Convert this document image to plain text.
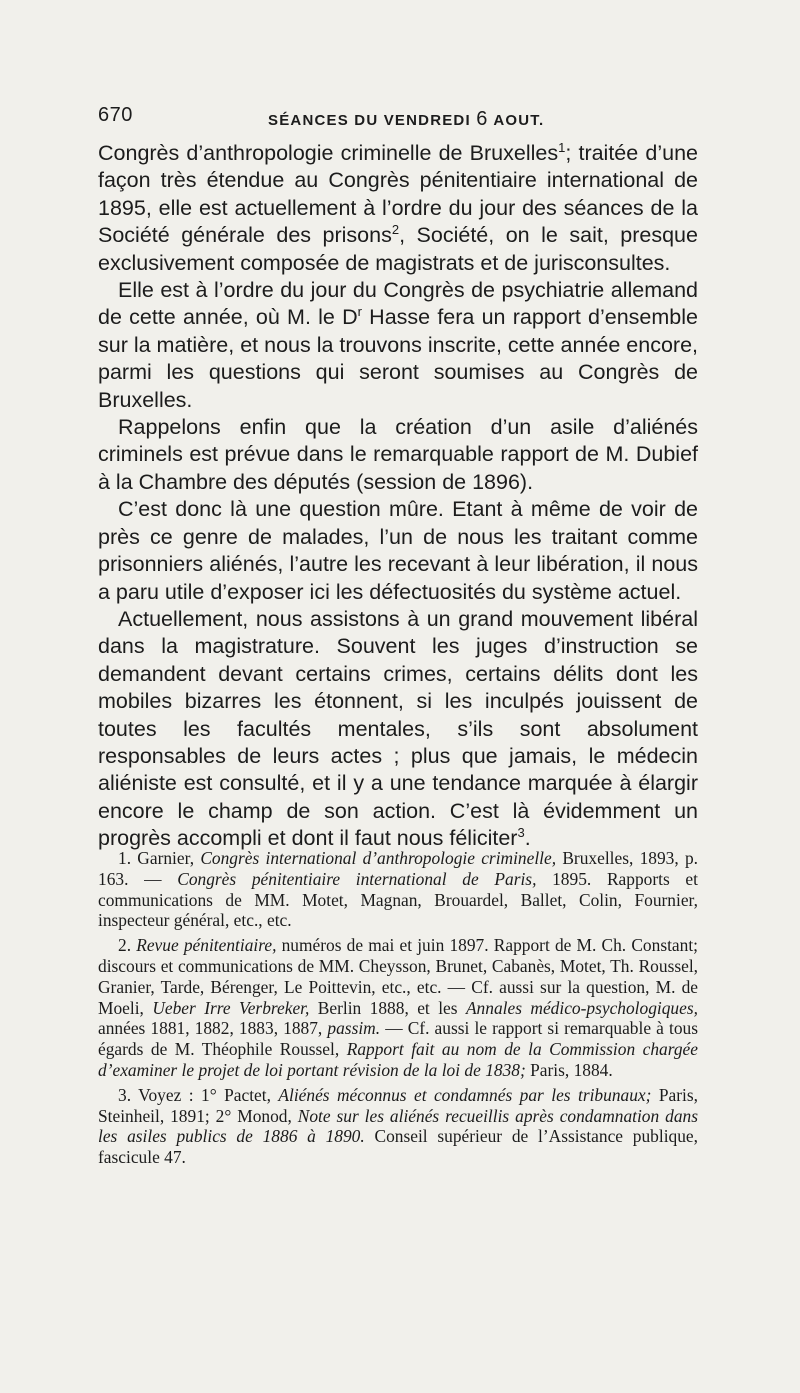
670	SÉANCES DU VENDREDI 6 AOUT.

Congrès d’anthropologie criminelle de Bruxelles$^1$; traitée d’une façon très étendue au Congrès pénitentiaire international de 1895, elle est actuellement à l’ordre du jour des séances de la Société générale des prisons$^2$, Société, on le sait, presque exclusivement composée de magistrats et de jurisconsultes.

Elle est à l’ordre du jour du Congrès de psychiatrie allemand de cette année, où M. le $D^r$ Hasse fera un rapport d’ensemble sur la matière, et nous la trouvons inscrite, cette année encore, parmi les questions qui seront soumises au Congrès de Bruxelles.

Rappelons enfin que la création d’un asile d’aliénés criminels est prévue dans le remarquable rapport de M. Dubief à la Chambre des députés (session de 1896).

C’est donc là une question mûre. Etant à même de voir de près ce genre de malades, l’un de nous les traitant comme prisonniers aliénés, l’autre les recevant à leur libération, il nous a paru utile d’exposer ici les défectuosités du système actuel.

Actuellement, nous assistons à un grand mouvement libéral dans la magistrature. Souvent les juges d’instruction se demandent devant certains crimes, certains délits dont les mobiles bizarres les étonnent, si les inculpés jouissent de toutes les facultés mentales, s’ils sont absolument responsables de leurs actes ; plus que jamais, le médecin aliéniste est consulté, et il y a une tendance marquée à élargir encore le champ de son action. C’est là évidemment un progrès accompli et dont il faut nous féliciter$^3$.

1. Garnier, Congrès international d’anthropologie criminelle, Bruxelles, 1893, p. 163. — Congrès pénitentiaire international de Paris, 1895. Rapports et communications de MM. Motet, Magnan, Brouardel, Ballet, Colin, Fournier, inspecteur général, etc., etc.

2. Revue pénitentiaire, numéros de mai et juin 1897. Rapport de M. Ch. Constant; discours et communications de MM. Cheysson, Brunet, Cabanès, Motet, Th. Roussel, Granier, Tarde, Bérenger, Le Poittevin, etc., etc. — Cf. aussi sur la question, M. de Moeli, Ueber Irre Verbreker, Berlin 1888, et les Annales médico-psychologiques, années 1881, 1882, 1883, 1887, passim. — Cf. aussi le rapport si remarquable à tous égards de M. Théophile Roussel, Rapport fait au nom de la Commission chargée d’examiner le projet de loi portant révision de la loi de 1838; Paris, 1884.

3. Voyez : 1° Pactet, Aliénés méconnus et condamnés par les tribunaux; Paris, Steinheil, 1891; 2° Monod, Note sur les aliénés recueillis après condamnation dans les asiles publics de 1886 à 1890. Conseil supérieur de l’Assistance publique, fascicule 47.
